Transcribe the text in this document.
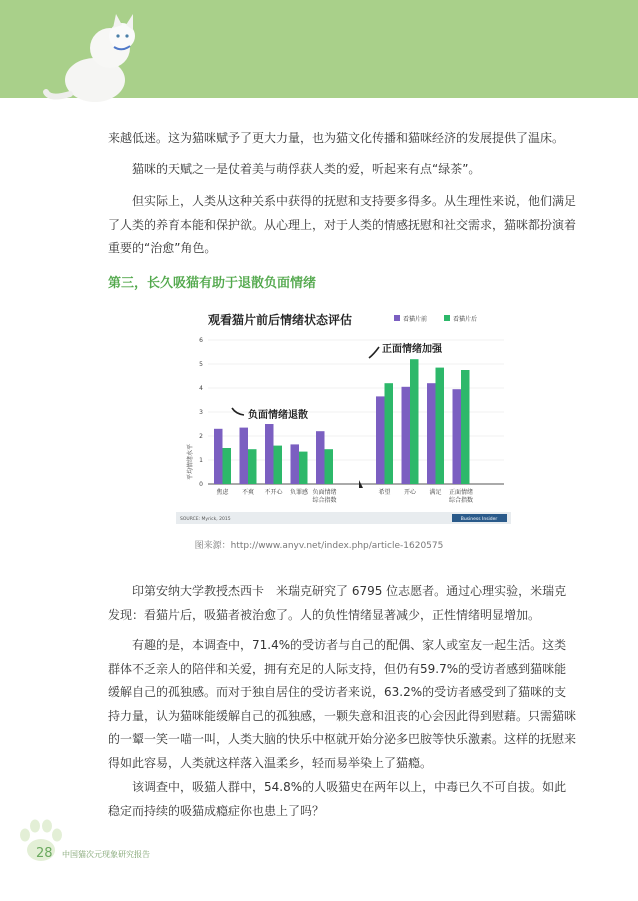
来越低迷。这为猫咪赋予了更大力量，也为猫文化传播和猫咪经济的发展提供了温床。

猫咪的天赋之一是仗着美与萌俘获人类的爱，听起来有点“绿茶”。

但实际上，人类从这种关系中获得的抚慰和支持要多得多。从生理性来说，他们满足了人类的养育本能和保护欲。从心理上，对于人类的情感抚慰和社交需求，猫咪都扮演着重要的“治愈”角色。

第三，长久吸猫有助于退散负面情绪
观看猫片前后情绪状态评估	看猫片前	看猫片后
0
1
2
3
4
5
6
焦虑 不爽 不开心 负罪感 负面情绪综合指数
希望 开心 满足 正面情绪综合指数
负面情绪退散
正面情绪加强
平均情绪水平
SOURCE: Myrick, 2015	Business Insider
图来源：http://www.anyv.net/index.php/article-1620575

印第安纳大学教授杰西卡　米瑞克研究了 6795 位志愿者。通过心理实验，米瑞克发现：看猫片后，吸猫者被治愈了。人的负性情绪显著减少，正性情绪明显增加。

有趣的是，本调查中，71.4%的受访者与自己的配偶、家人或室友一起生活。这类群体不乏亲人的陪伴和关爱，拥有充足的人际支持，但仍有59.7%的受访者感到猫咪能缓解自己的孤独感。而对于独自居住的受访者来说，63.2%的受访者感受到了猫咪的支持力量，认为猫咪能缓解自己的孤独感，一颗失意和沮丧的心会因此得到慰藉。只需猫咪的一颦一笑一喵一叫，人类大脑的快乐中枢就开始分泌多巴胺等快乐激素。这样的抚慰来得如此容易，人类就这样落入温柔乡，轻而易举染上了猫瘾。

该调查中，吸猫人群中，54.8%的人吸猫史在两年以上，中毒已久不可自拔。如此稳定而持续的吸猫成瘾症你也患上了吗？

28 中国猫次元现象研究报告
